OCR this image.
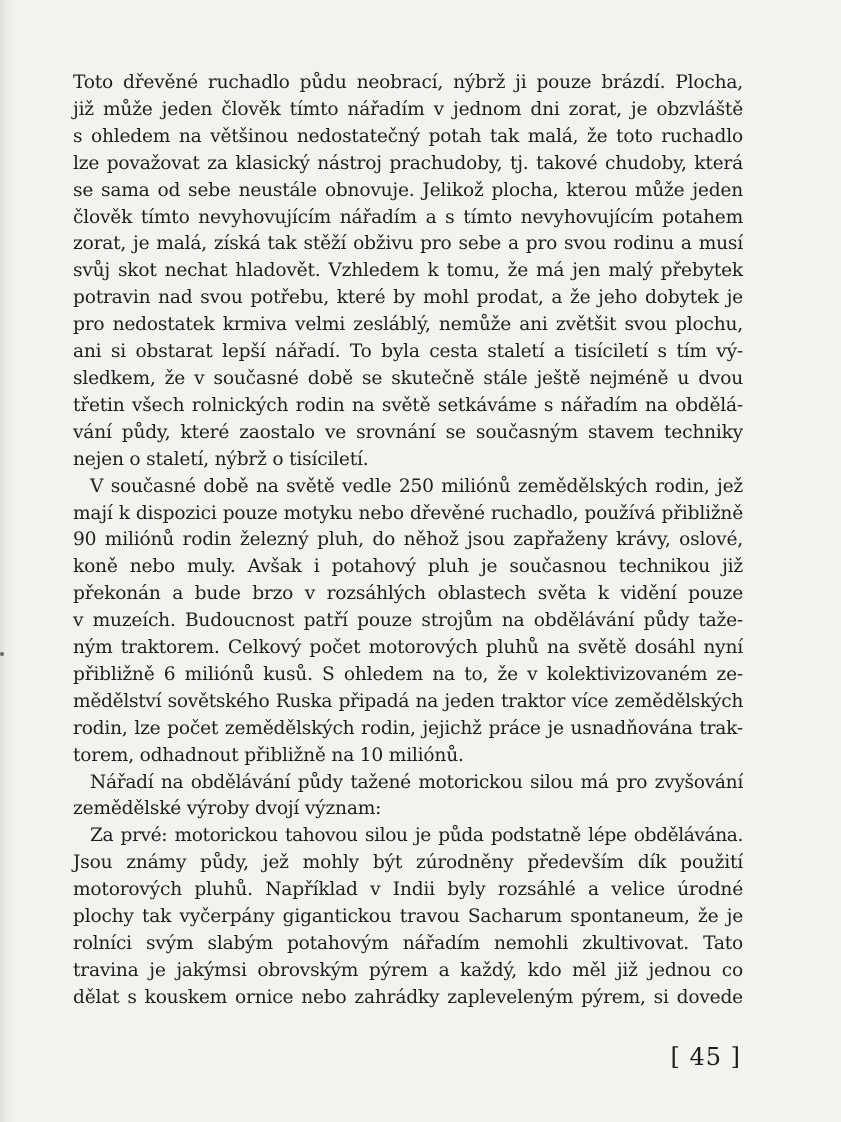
Toto dřevěné ruchadlo půdu neobrací, nýbrž ji pouze brázdí. Plocha,
již může jeden člověk tímto nářadím v jednom dni zorat, je obzvláště
s ohledem na většinou nedostatečný potah tak malá, že toto ruchadlo
lze považovat za klasický nástroj prachudoby, tj. takové chudoby, která
se sama od sebe neustále obnovuje. Jelikož plocha, kterou může jeden
člověk tímto nevyhovujícím nářadím a s tímto nevyhovujícím potahem
zorat, je malá, získá tak stěží obživu pro sebe a pro svou rodinu a musí
svůj skot nechat hladovět. Vzhledem k tomu, že má jen malý přebytek
potravin nad svou potřebu, které by mohl prodat, a že jeho dobytek je
pro nedostatek krmiva velmi zesláblý, nemůže ani zvětšit svou plochu,
ani si obstarat lepší nářadí. To byla cesta staletí a tisíciletí s tím vý-
sledkem, že v současné době se skutečně stále ještě nejméně u dvou
třetin všech rolnických rodin na světě setkáváme s nářadím na obdělá-
vání půdy, které zaostalo ve srovnání se současným stavem techniky
nejen o staletí, nýbrž o tisíciletí.
V současné době na světě vedle 250 miliónů zemědělských rodin, jež
mají k dispozici pouze motyku nebo dřevěné ruchadlo, používá přibližně
90 miliónů rodin železný pluh, do něhož jsou zapřaženy krávy, oslové,
koně nebo muly. Avšak i potahový pluh je současnou technikou již
překonán a bude brzo v rozsáhlých oblastech světa k vidění pouze
v muzeích. Budoucnost patří pouze strojům na obdělávání půdy taže-
ným traktorem. Celkový počet motorových pluhů na světě dosáhl nyní
přibližně 6 miliónů kusů. S ohledem na to, že v kolektivizovaném ze-
mědělství sovětského Ruska připadá na jeden traktor více zemědělských
rodin, lze počet zemědělských rodin, jejichž práce je usnadňována trak-
torem, odhadnout přibližně na 10 miliónů.
Nářadí na obdělávání půdy tažené motorickou silou má pro zvyšování
zemědělské výroby dvojí význam:
Za prvé: motorickou tahovou silou je půda podstatně lépe obdělávána.
Jsou známy půdy, jež mohly být zúrodněny především dík použití
motorových pluhů. Například v Indii byly rozsáhlé a velice úrodné
plochy tak vyčerpány gigantickou travou Sacharum spontaneum, že je
rolníci svým slabým potahovým nářadím nemohli zkultivovat. Tato
travina je jakýmsi obrovským pýrem a každý, kdo měl již jednou co
dělat s kouskem ornice nebo zahrádky zapleveleným pýrem, si dovede
[ 45 ]
